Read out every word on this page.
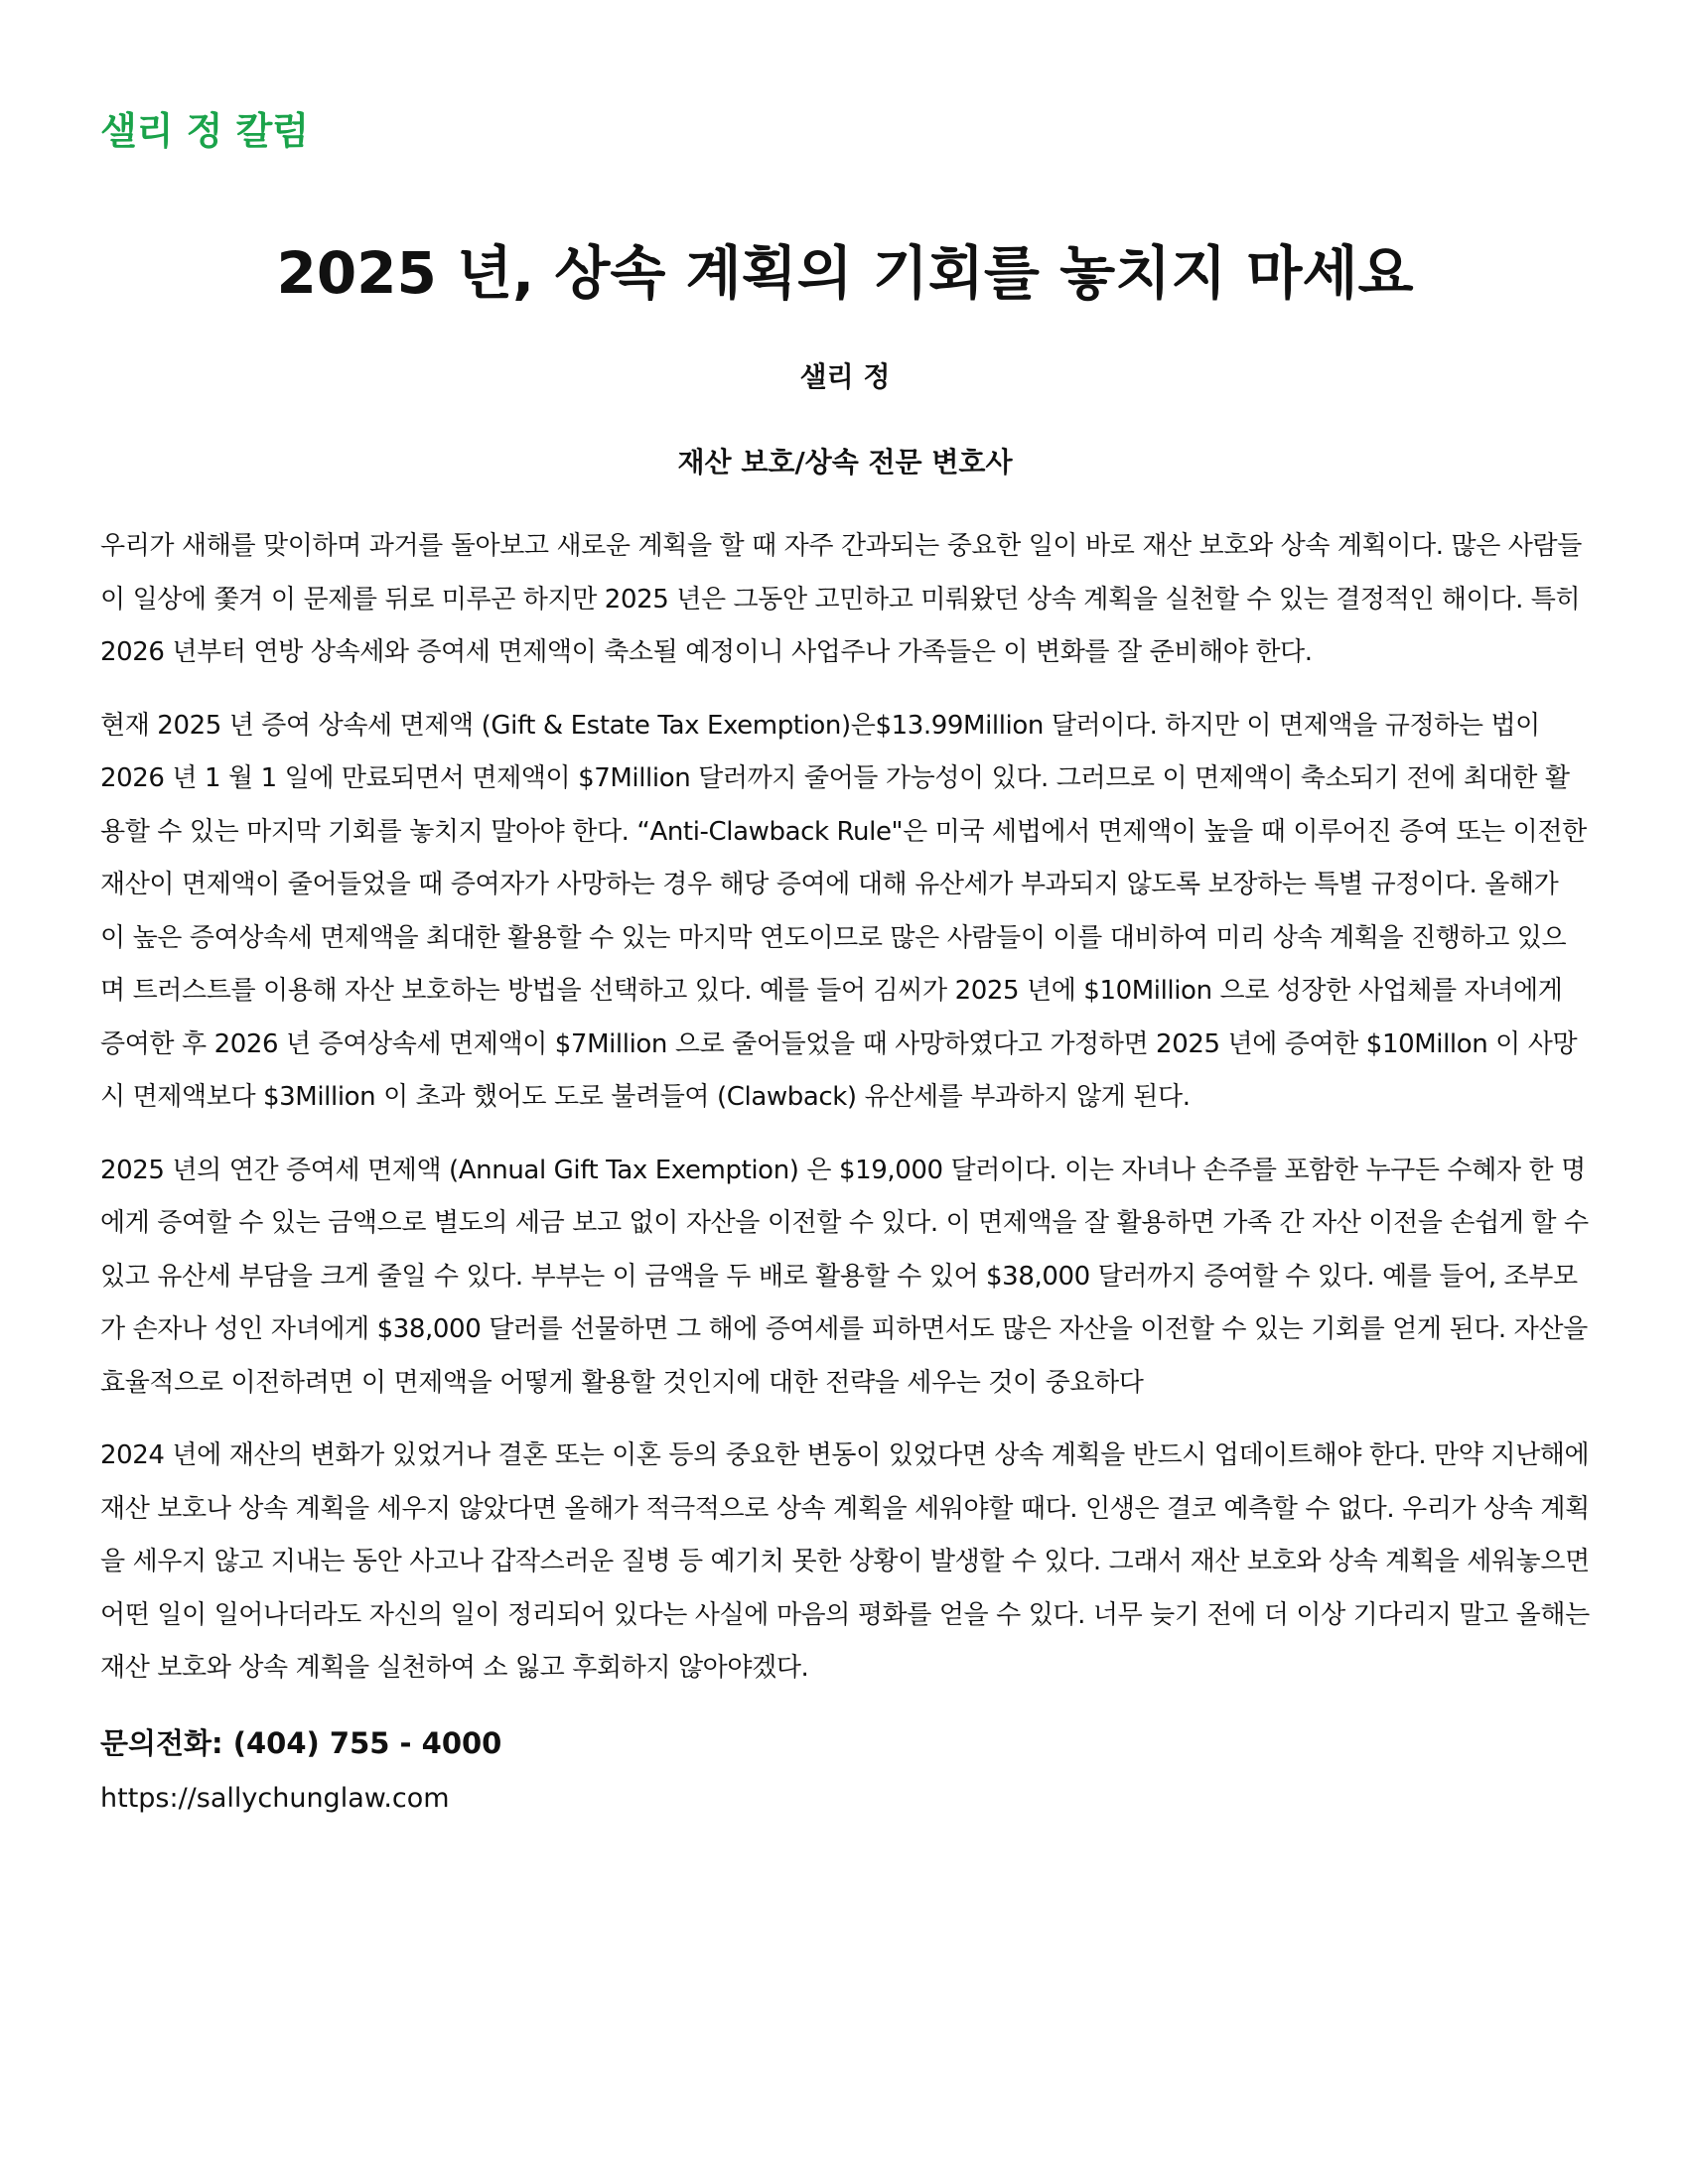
샐리 정 칼럼

2025 년, 상속 계획의 기회를 놓치지 마세요

샐리 정

재산 보호/상속 전문 변호사

우리가 새해를 맞이하며 과거를 돌아보고 새로운 계획을 할 때 자주 간과되는 중요한 일이 바로 재산 보호와 상속 계획이다. 많은 사람들이 일상에 쫓겨 이 문제를 뒤로 미루곤 하지만 2025 년은 그동안 고민하고 미뤄왔던 상속 계획을 실천할 수 있는 결정적인 해이다. 특히 2026 년부터 연방 상속세와 증여세 면제액이 축소될 예정이니 사업주나 가족들은 이 변화를 잘 준비해야 한다.

현재 2025 년 증여 상속세 면제액 (Gift & Estate Tax Exemption)은$13.99Million 달러이다. 하지만 이 면제액을 규정하는 법이 2026 년 1 월 1 일에 만료되면서 면제액이 $7Million 달러까지 줄어들 가능성이 있다. 그러므로 이 면제액이 축소되기 전에 최대한 활용할 수 있는 마지막 기회를 놓치지 말아야 한다. “Anti-Clawback Rule"은 미국 세법에서 면제액이 높을 때 이루어진 증여 또는 이전한 재산이 면제액이 줄어들었을 때 증여자가 사망하는 경우 해당 증여에 대해 유산세가 부과되지 않도록 보장하는 특별 규정이다. 올해가 이 높은 증여상속세 면제액을 최대한 활용할 수 있는 마지막 연도이므로 많은 사람들이 이를 대비하여 미리 상속 계획을 진행하고 있으며 트러스트를 이용해 자산 보호하는 방법을 선택하고 있다. 예를 들어 김씨가 2025 년에 $10Million 으로 성장한 사업체를 자녀에게 증여한 후 2026 년 증여상속세 면제액이 $7Million 으로 줄어들었을 때 사망하였다고 가정하면 2025 년에 증여한 $10Millon 이 사망시 면제액보다 $3Million 이 초과 했어도 도로 불려들여 (Clawback) 유산세를 부과하지 않게 된다.

2025 년의 연간 증여세 면제액 (Annual Gift Tax Exemption) 은 $19,000 달러이다. 이는 자녀나 손주를 포함한 누구든 수혜자 한 명에게 증여할 수 있는 금액으로 별도의 세금 보고 없이 자산을 이전할 수 있다. 이 면제액을 잘 활용하면 가족 간 자산 이전을 손쉽게 할 수 있고 유산세 부담을 크게 줄일 수 있다. 부부는 이 금액을 두 배로 활용할 수 있어 $38,000 달러까지 증여할 수 있다. 예를 들어, 조부모가 손자나 성인 자녀에게 $38,000 달러를 선물하면 그 해에 증여세를 피하면서도 많은 자산을 이전할 수 있는 기회를 얻게 된다. 자산을 효율적으로 이전하려면 이 면제액을 어떻게 활용할 것인지에 대한 전략을 세우는 것이 중요하다

2024 년에 재산의 변화가 있었거나 결혼 또는 이혼 등의 중요한 변동이 있었다면 상속 계획을 반드시 업데이트해야 한다. 만약 지난해에 재산 보호나 상속 계획을 세우지 않았다면 올해가 적극적으로 상속 계획을 세워야할 때다. 인생은 결코 예측할 수 없다. 우리가 상속 계획을 세우지 않고 지내는 동안 사고나 갑작스러운 질병 등 예기치 못한 상황이 발생할 수 있다. 그래서 재산 보호와 상속 계획을 세워놓으면 어떤 일이 일어나더라도 자신의 일이 정리되어 있다는 사실에 마음의 평화를 얻을 수 있다. 너무 늦기 전에 더 이상 기다리지 말고 올해는 재산 보호와 상속 계획을 실천하여 소 잃고 후회하지 않아야겠다.

문의전화: (404) 755 - 4000
https://sallychunglaw.com
